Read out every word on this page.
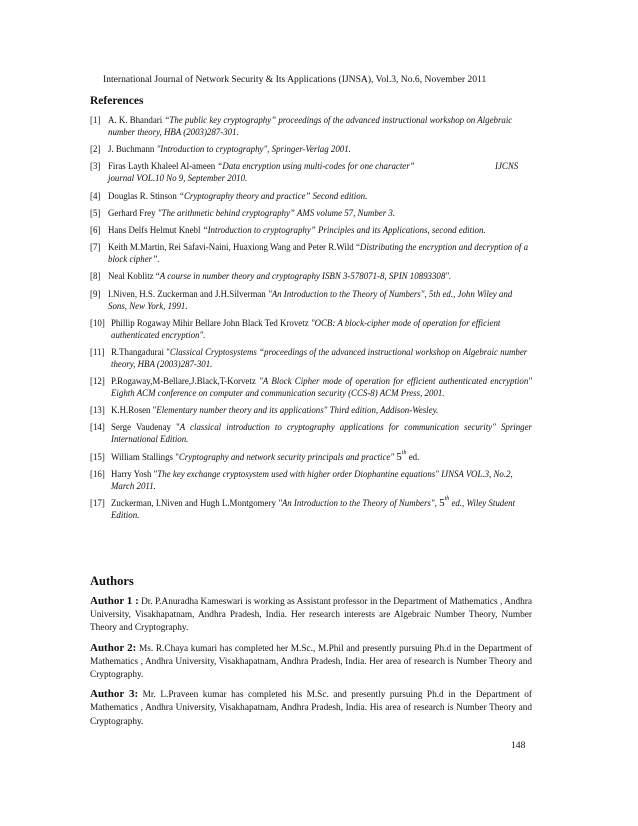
International Journal of Network Security & Its Applications (IJNSA), Vol.3, No.6, November 2011
References
[1] A. K. Bhandari “The public key cryptography” proceedings of the advanced instructional workshop on Algebraic number theory, HBA (2003)287-301.
[2] J. Buchmann "Introduction to cryptography", Springer-Verlag 2001.
[3] Firas Layth Khaleel Al-ameen “Data encryption using multi-codes for one character”	IJCNS

journal VOL.10 No 9, September 2010.
[4] Douglas R. Stinson “Cryptography theory and practice” Second edition.
[5] Gerhard Frey "The arithmetic behind cryptography” AMS volume 57, Number 3.
[6] Hans Delfs Helmut Knebl “Introduction to cryptography” Principles and its Applications, second edition.
[7] Keith M.Martin, Rei Safavi-Naini, Huaxiong Wang and Peter R.Wild “Distributing the encryption and decryption of a block cipher’’.
[8] Neal Koblitz “A course in number theory and cryptography ISBN 3-578071-8, SPIN 10893308".
[9] I.Niven, H.S. Zuckerman and J.H.Silverman "An Introduction to the Theory of Numbers", 5th ed., John Wiley and Sons, New York, 1991.
[10] Phillip Rogaway Mihir Bellare John Black Ted Krovetz "OCB: A block-cipher mode of operation for efficient authenticated encryption".
[11] R.Thangadurai "Classical Cryptosystems “proceedings of the advanced instructional workshop on Algebraic number theory, HBA (2003)287-301.
[12] P.Rogaway,M-Bellare,J.Black,T-Korvetz "A Block Cipher mode of operation for efficient authenticated encryption" Eighth ACM conference on computer and communication security (CCS-8) ACM Press, 2001.
[13] K.H.Rosen "Elementary number theory and its applications" Third edition, Addison-Wesley.
[14] Serge Vaudenay "A classical introduction to cryptography applications for communication security" Springer International Edition.
[15] William Stallings "Cryptography and network security principals and practice" 5th ed.
[16] Harry Yosh "The key exchange cryptosystem used with higher order Diophantine equations" IJNSA VOL.3, No.2, March 2011.
[17] Zuckerman, I.Niven and Hugh L.Montgomery "An Introduction to the Theory of Numbers", 5th ed., Wiley Student Edition.
Authors
Author 1 : Dr. P.Anuradha Kameswari is working as Assistant professor in the Department of Mathematics , Andhra University, Visakhapatnam, Andhra Pradesh, India. Her research interests are Algebraic Number Theory, Number Theory and Cryptography.
Author 2: Ms. R.Chaya kumari has completed her M.Sc., M.Phil and presently pursuing Ph.d in the Department of Mathematics , Andhra University, Visakhapatnam, Andhra Pradesh, India. Her area of research is Number Theory and Cryptography.
Author 3: Mr. L.Praveen kumar has completed his M.Sc. and presently pursuing Ph.d in the Department of Mathematics , Andhra University, Visakhapatnam, Andhra Pradesh, India. His area of research is Number Theory and Cryptography.
148
